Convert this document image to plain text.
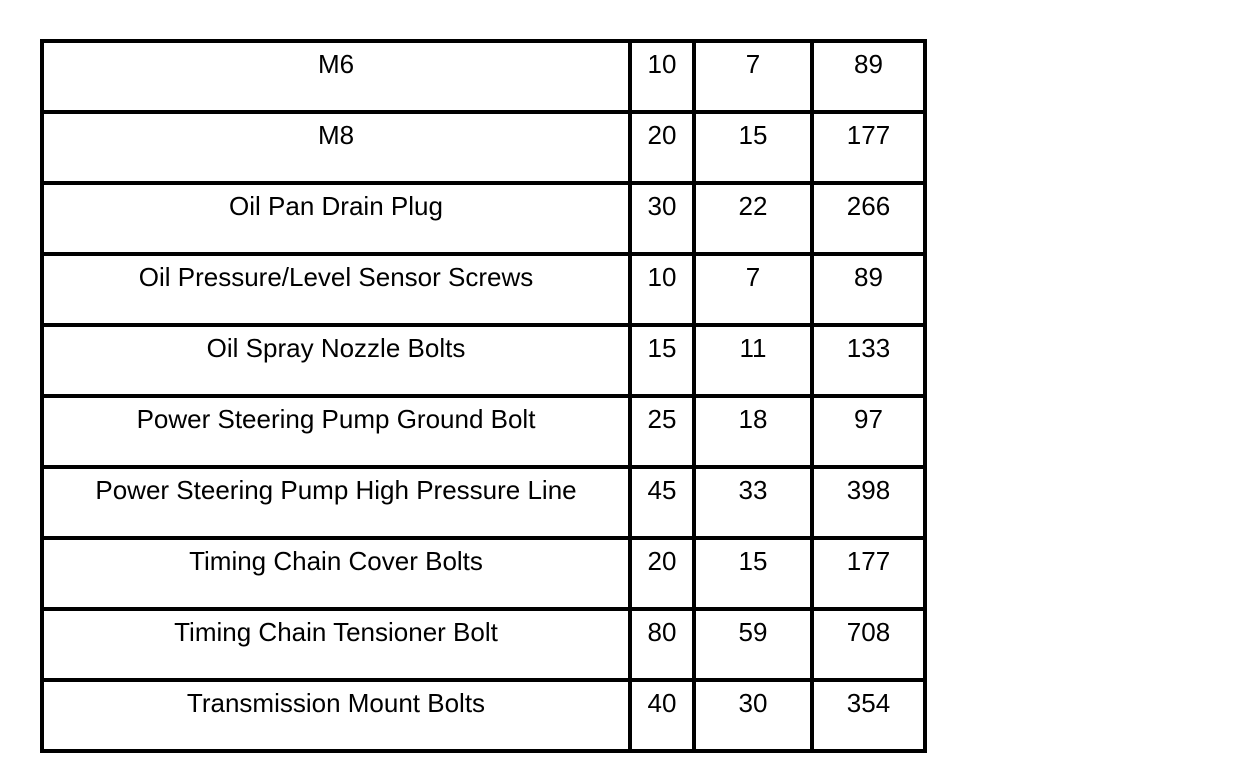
M6	10	7	89
M8	20	15	177
Oil Pan Drain Plug	30	22	266
Oil Pressure/Level Sensor Screws	10	7	89
Oil Spray Nozzle Bolts	15	11	133
Power Steering Pump Ground Bolt	25	18	97
Power Steering Pump High Pressure Line	45	33	398
Timing Chain Cover Bolts	20	15	177
Timing Chain Tensioner Bolt	80	59	708
Transmission Mount Bolts	40	30	354
